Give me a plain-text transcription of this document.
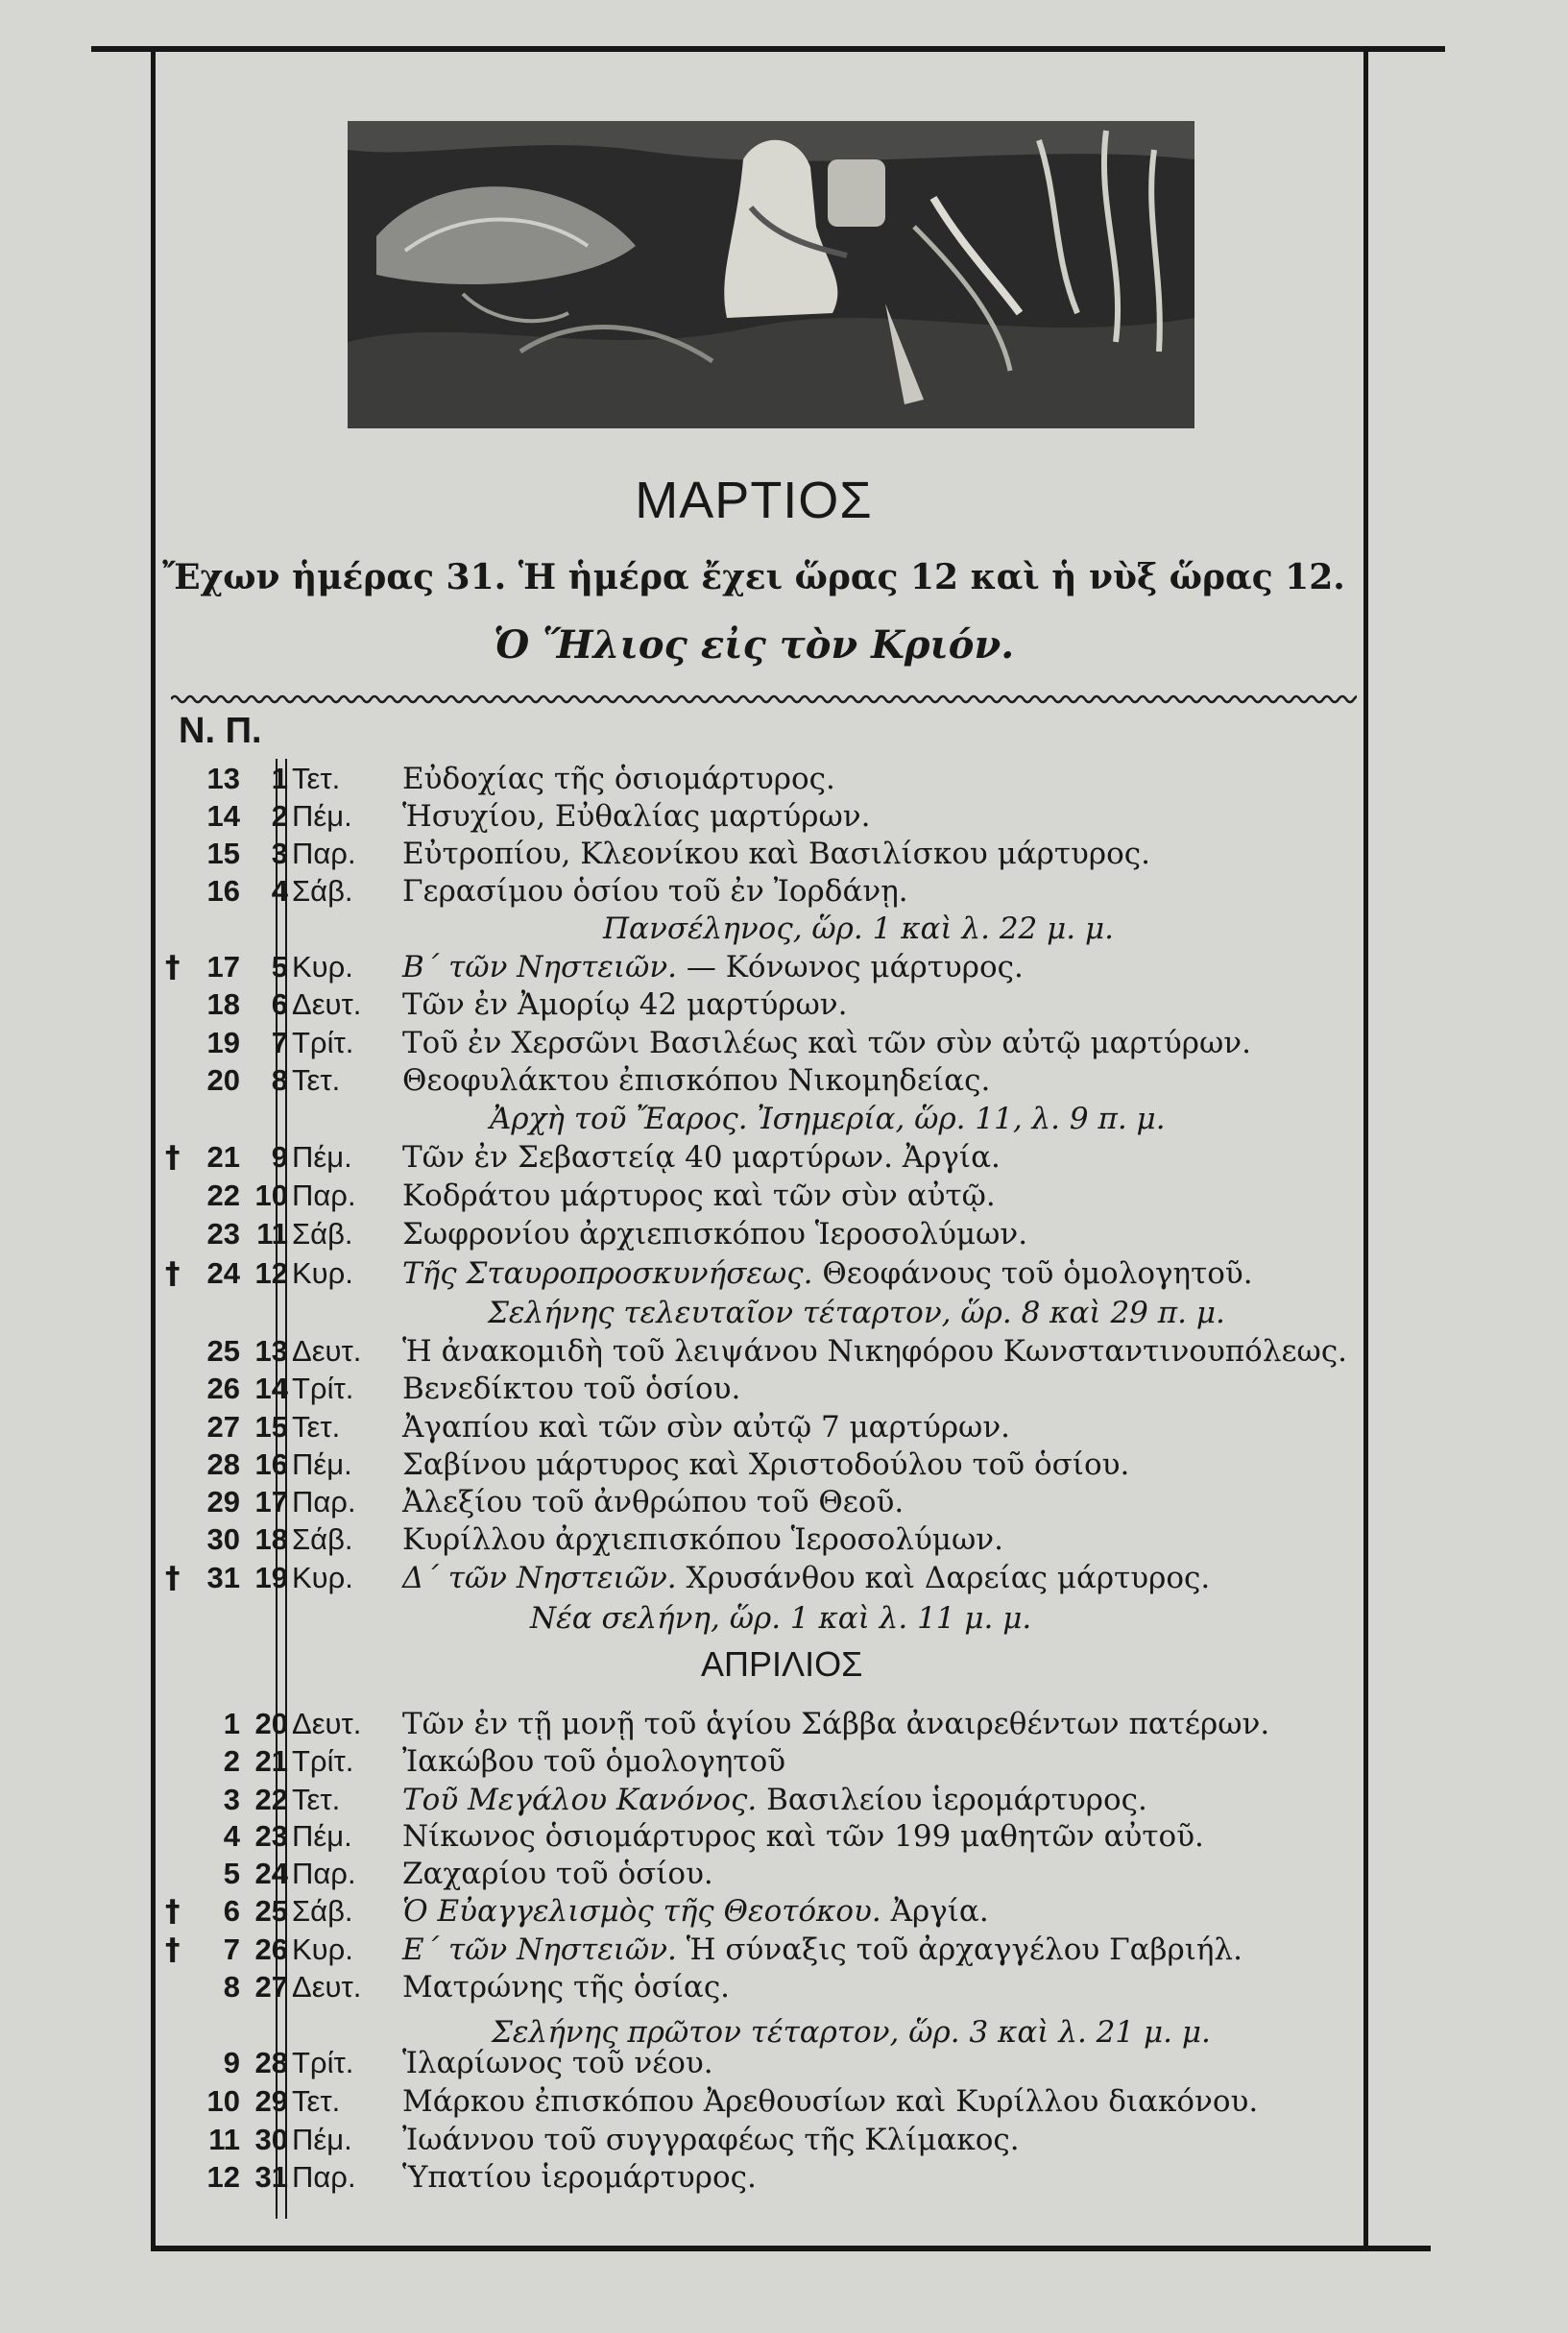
ΜΑΡΤΙΟΣ
Ἔχων ἡμέρας 31. Ἡ ἡμέρα ἔχει ὥρας 12 καὶ ἡ νὺξ ὥρας 12.
Ὁ Ἥλιος εἰς τὸν Κριόν.
Ν. Π.
13 1 Τετ. Εὐδοχίας τῆς ὁσιομάρτυρος.
14 2 Πέμ. Ἡσυχίου, Εὐθαλίας μαρτύρων.
15 3 Παρ. Εὐτροπίου, Κλεονίκου καὶ Βασιλίσκου μάρτυρος.
16 4 Σάβ. Γερασίμου ὁσίου τοῦ ἐν Ἰορδάνῃ.
† 17 5 Κυρ. Β΄ τῶν Νηστειῶν. — Κόνωνος μάρτυρος.
18 6 Δευτ. Τῶν ἐν Ἀμορίῳ 42 μαρτύρων.
19 7 Τρίτ. Τοῦ ἐν Χερσῶνι Βασιλέως καὶ τῶν σὺν αὐτῷ μαρτύρων.
20 8 Τετ. Θεοφυλάκτου ἐπισκόπου Νικομηδείας.
† 21 9 Πέμ. Τῶν ἐν Σεβαστείᾳ 40 μαρτύρων. Ἀργία.
22 10 Παρ. Κοδράτου μάρτυρος καὶ τῶν σὺν αὐτῷ.
23 11 Σάβ. Σωφρονίου ἀρχιεπισκόπου Ἱεροσολύμων.
† 24 12 Κυρ. Τῆς Σταυροπροσκυνήσεως. Θεοφάνους τοῦ ὁμολογητοῦ.
25 13 Δευτ. Ἡ ἀνακομιδὴ τοῦ λειψάνου Νικηφόρου Κωνσταντινουπόλεως.
26 14 Τρίτ. Βενεδίκτου τοῦ ὁσίου.
27 15 Τετ. Ἀγαπίου καὶ τῶν σὺν αὐτῷ 7 μαρτύρων.
28 16 Πέμ. Σαβίνου μάρτυρος καὶ Χριστοδούλου τοῦ ὁσίου.
29 17 Παρ. Ἀλεξίου τοῦ ἀνθρώπου τοῦ Θεοῦ.
30 18 Σάβ. Κυρίλλου ἀρχιεπισκόπου Ἱεροσολύμων.
† 31 19 Κυρ. Δ΄ τῶν Νηστειῶν. Χρυσάνθου καὶ Δαρείας μάρτυρος.
1 20 Δευτ. Τῶν ἐν τῇ μονῇ τοῦ ἁγίου Σάββα ἀναιρεθέντων πατέρων.
2 21 Τρίτ. Ἰακώβου τοῦ ὁμολογητοῦ
3 22 Τετ. Τοῦ Μεγάλου Κανόνος. Βασιλείου ἱερομάρτυρος.
4 23 Πέμ. Νίκωνος ὁσιομάρτυρος καὶ τῶν 199 μαθητῶν αὐτοῦ.
5 24 Παρ. Ζαχαρίου τοῦ ὁσίου.
† 6 25 Σάβ. Ὁ Εὐαγγελισμὸς τῆς Θεοτόκου. Ἀργία.
† 7 26 Κυρ. Ε΄ τῶν Νηστειῶν. Ἡ σύναξις τοῦ ἀρχαγγέλου Γαβριήλ.
8 27 Δευτ. Ματρώνης τῆς ὁσίας.
9 28 Τρίτ. Ἱλαρίωνος τοῦ νέου.
10 29 Τετ. Μάρκου ἐπισκόπου Ἀρεθουσίων καὶ Κυρίλλου διακόνου.
11 30 Πέμ. Ἰωάννου τοῦ συγγραφέως τῆς Κλίμακος.
12 31 Παρ. Ὑπατίου ἱερομάρτυρος.
Πανσέληνος, ὥρ. 1 καὶ λ. 22 μ. μ.
Ἀρχὴ τοῦ Ἔαρος. Ἰσημερία, ὥρ. 11, λ. 9 π. μ.
Σελήνης τελευταῖον τέταρτον, ὥρ. 8 καὶ 29 π. μ.
Νέα σελήνη, ὥρ. 1 καὶ λ. 11 μ. μ.
ΑΠΡΙΛΙΟΣ
Σελήνης πρῶτον τέταρτον, ὥρ. 3 καὶ λ. 21 μ. μ.
